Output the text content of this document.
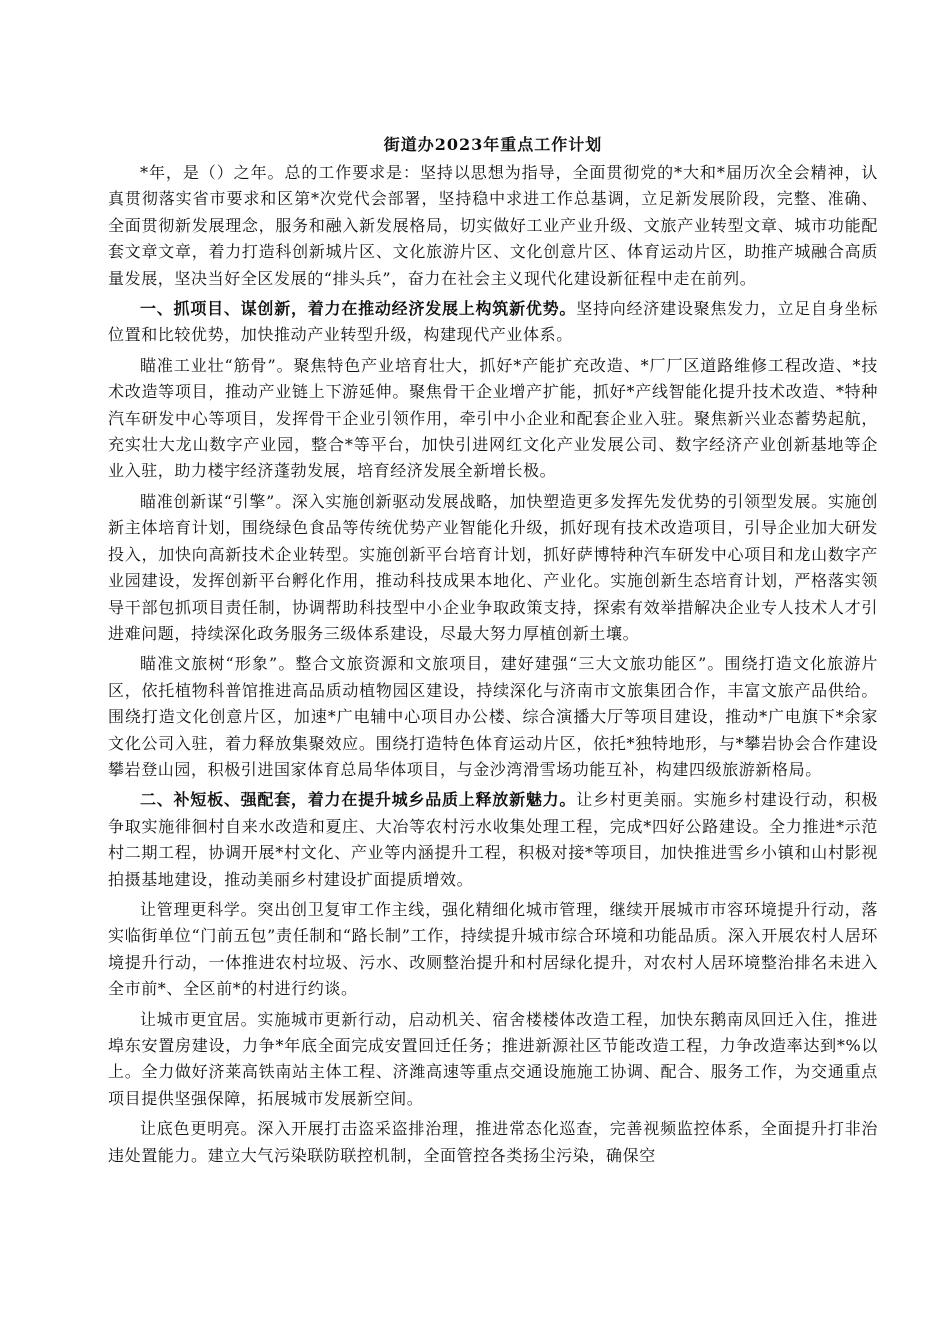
街道办2023年重点工作计划

*年，是（）之年。总的工作要求是：坚持以思想为指导，全面贯彻党的*大和*届历次全会精神，认真贯彻落实省市要求和区第*次党代会部署，坚持稳中求进工作总基调，立足新发展阶段，完整、准确、全面贯彻新发展理念，服务和融入新发展格局，切实做好工业产业升级、文旅产业转型文章、城市功能配套文章文章，着力打造科创新城片区、文化旅游片区、文化创意片区、体育运动片区，助推产城融合高质量发展，坚决当好全区发展的“排头兵”，奋力在社会主义现代化建设新征程中走在前列。

一、抓项目、谋创新，着力在推动经济发展上构筑新优势。坚持向经济建设聚焦发力，立足自身坐标位置和比较优势，加快推动产业转型升级，构建现代产业体系。

瞄准工业壮“筋骨”。聚焦特色产业培育壮大，抓好*产能扩充改造、*厂厂区道路维修工程改造、*技术改造等项目，推动产业链上下游延伸。聚焦骨干企业增产扩能，抓好*产线智能化提升技术改造、*特种汽车研发中心等项目，发挥骨干企业引领作用，牵引中小企业和配套企业入驻。聚焦新兴业态蓄势起航，充实壮大龙山数字产业园，整合*等平台，加快引进网红文化产业发展公司、数字经济产业创新基地等企业入驻，助力楼宇经济蓬勃发展，培育经济发展全新增长极。

瞄准创新谋“引擎”。深入实施创新驱动发展战略，加快塑造更多发挥先发优势的引领型发展。实施创新主体培育计划，围绕绿色食品等传统优势产业智能化升级，抓好现有技术改造项目，引导企业加大研发投入，加快向高新技术企业转型。实施创新平台培育计划，抓好萨博特种汽车研发中心项目和龙山数字产业园建设，发挥创新平台孵化作用，推动科技成果本地化、产业化。实施创新生态培育计划，严格落实领导干部包抓项目责任制，协调帮助科技型中小企业争取政策支持，探索有效举措解决企业专人技术人才引进难问题，持续深化政务服务三级体系建设，尽最大努力厚植创新土壤。

瞄准文旅树“形象”。整合文旅资源和文旅项目，建好建强“三大文旅功能区”。围绕打造文化旅游片区，依托植物科普馆推进高品质动植物园区建设，持续深化与济南市文旅集团合作，丰富文旅产品供给。围绕打造文化创意片区，加速*广电辅中心项目办公楼、综合演播大厅等项目建设，推动*广电旗下*余家文化公司入驻，着力释放集聚效应。围绕打造特色体育运动片区，依托*独特地形，与*攀岩协会合作建设攀岩登山园，积极引进国家体育总局华体项目，与金沙湾滑雪场功能互补，构建四级旅游新格局。

二、补短板、强配套，着力在提升城乡品质上释放新魅力。让乡村更美丽。实施乡村建设行动，积极争取实施徘徊村自来水改造和夏庄、大冶等农村污水收集处理工程，完成*四好公路建设。全力推进*示范村二期工程，协调开展*村文化、产业等内涵提升工程，积极对接*等项目，加快推进雪乡小镇和山村影视拍摄基地建设，推动美丽乡村建设扩面提质增效。

让管理更科学。突出创卫复审工作主线，强化精细化城市管理，继续开展城市市容环境提升行动，落实临街单位“门前五包”责任制和“路长制”工作，持续提升城市综合环境和功能品质。深入开展农村人居环境提升行动，一体推进农村垃圾、污水、改厕整治提升和村居绿化提升，对农村人居环境整治排名未进入全市前*、全区前*的村进行约谈。

让城市更宜居。实施城市更新行动，启动机关、宿舍楼楼体改造工程，加快东鹅南凤回迁入住，推进埠东安置房建设，力争*年底全面完成安置回迁任务；推进新源社区节能改造工程，力争改造率达到*%以上。全力做好济莱高铁南站主体工程、济潍高速等重点交通设施施工协调、配合、服务工作，为交通重点项目提供坚强保障，拓展城市发展新空间。

让底色更明亮。深入开展打击盗采盗排治理，推进常态化巡查，完善视频监控体系，全面提升打非治违处置能力。建立大气污染联防联控机制，全面管控各类扬尘污染，确保空
